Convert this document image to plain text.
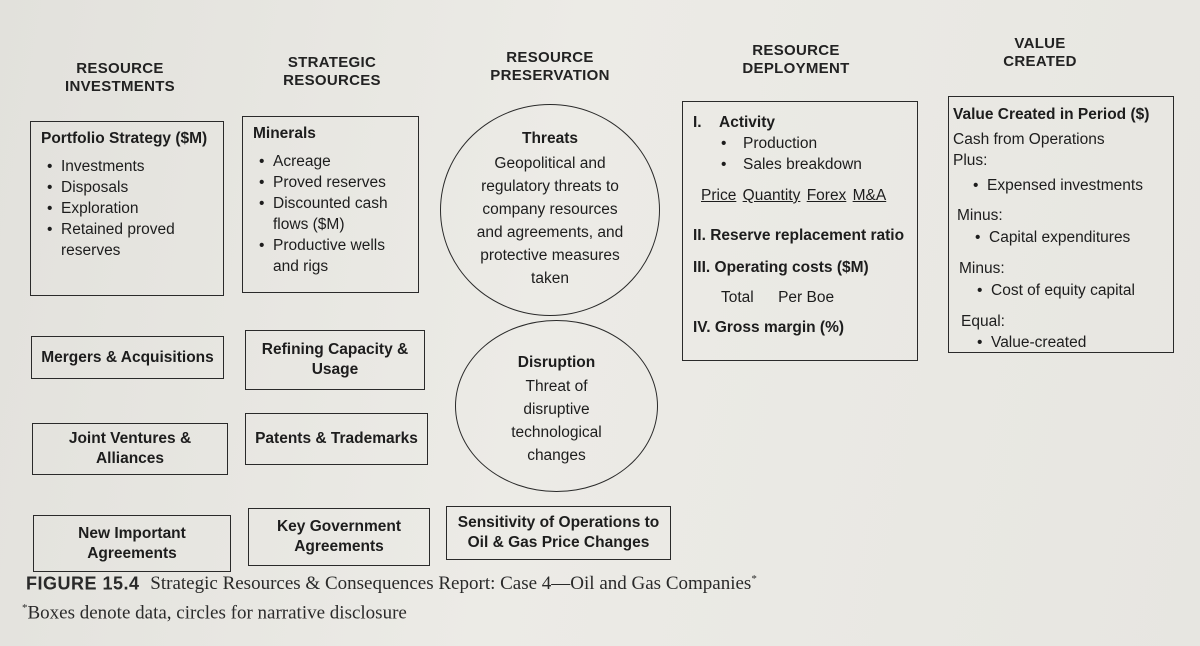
RESOURCE
INVESTMENTS
STRATEGIC
RESOURCES
RESOURCE
PRESERVATION
RESOURCE
DEPLOYMENT
VALUE
CREATED
Portfolio Strategy ($M)
• Investments
• Disposals
• Exploration
• Retained proved reserves
Mergers & Acquisitions
Joint Ventures & Alliances
New Important Agreements
Minerals
• Acreage
• Proved reserves
• Discounted cash flows ($M)
• Productive wells and rigs
Refining Capacity & Usage
Patents & Trademarks
Key Government Agreements
Threats
Geopolitical and regulatory threats to company resources and agreements, and protective measures taken
Disruption
Threat of disruptive technological changes
Sensitivity of Operations to Oil & Gas Price Changes
I. Activity
• Production
• Sales breakdown
Price Quantity Forex M&A
II. Reserve replacement ratio
III. Operating costs ($M)
Total Per Boe
IV. Gross margin (%)
Value Created in Period ($)
Cash from Operations
Plus:
• Expensed investments
Minus:
• Capital expenditures
Minus:
• Cost of equity capital
Equal:
• Value-created
FIGURE 15.4 Strategic Resources & Consequences Report: Case 4—Oil and Gas Companies*
*Boxes denote data, circles for narrative disclosure
